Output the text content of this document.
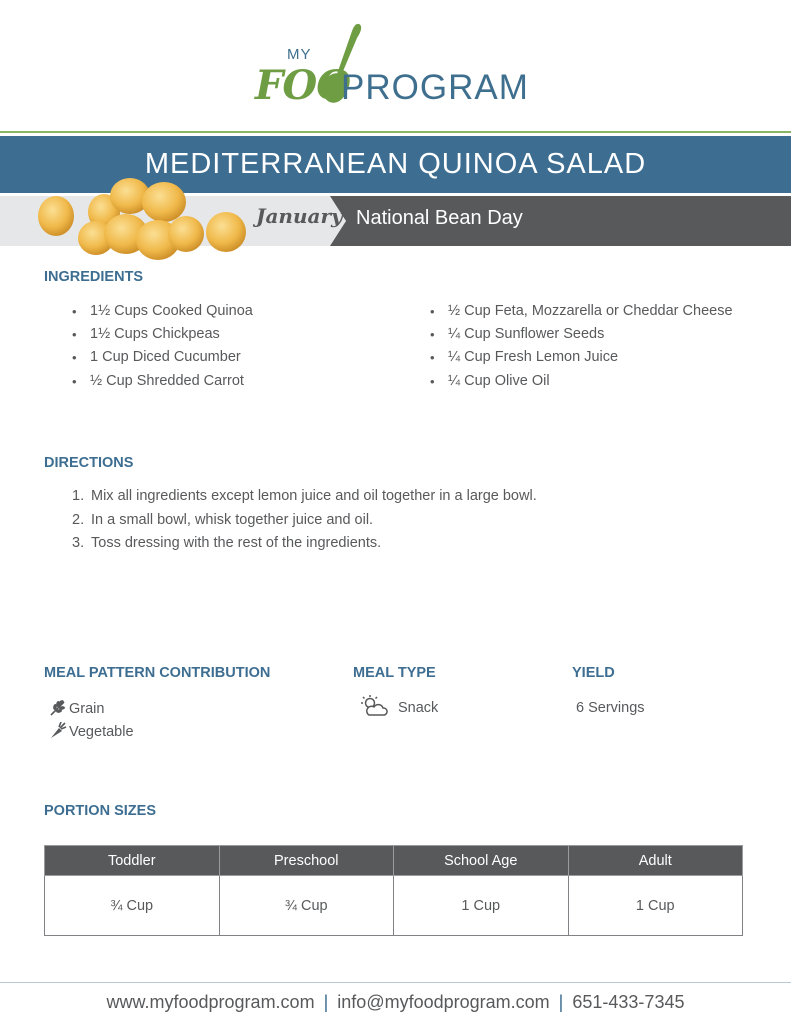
MY
FOO
PROGRAM
MEDITERRANEAN QUINOA SALAD
January 6
National Bean Day
INGREDIENTS
• 1½ Cups Cooked Quinoa
• 1½ Cups Chickpeas
• 1 Cup Diced Cucumber
• ½ Cup Shredded Carrot
• ½ Cup Feta, Mozzarella or Cheddar Cheese
• ¼ Cup Sunflower Seeds
• ¼ Cup Fresh Lemon Juice
• ¼ Cup Olive Oil
DIRECTIONS
1. Mix all ingredients except lemon juice and oil together in a large bowl.
2. In a small bowl, whisk together juice and oil.
3. Toss dressing with the rest of the ingredients.
MEAL PATTERN CONTRIBUTION
Grain
Vegetable
MEAL TYPE
Snack
YIELD
6 Servings
PORTION SIZES
Toddler	Preschool	School Age	Adult
¾ Cup	¾ Cup	1 Cup	1 Cup
www.myfoodprogram.com | info@myfoodprogram.com | 651-433-7345
